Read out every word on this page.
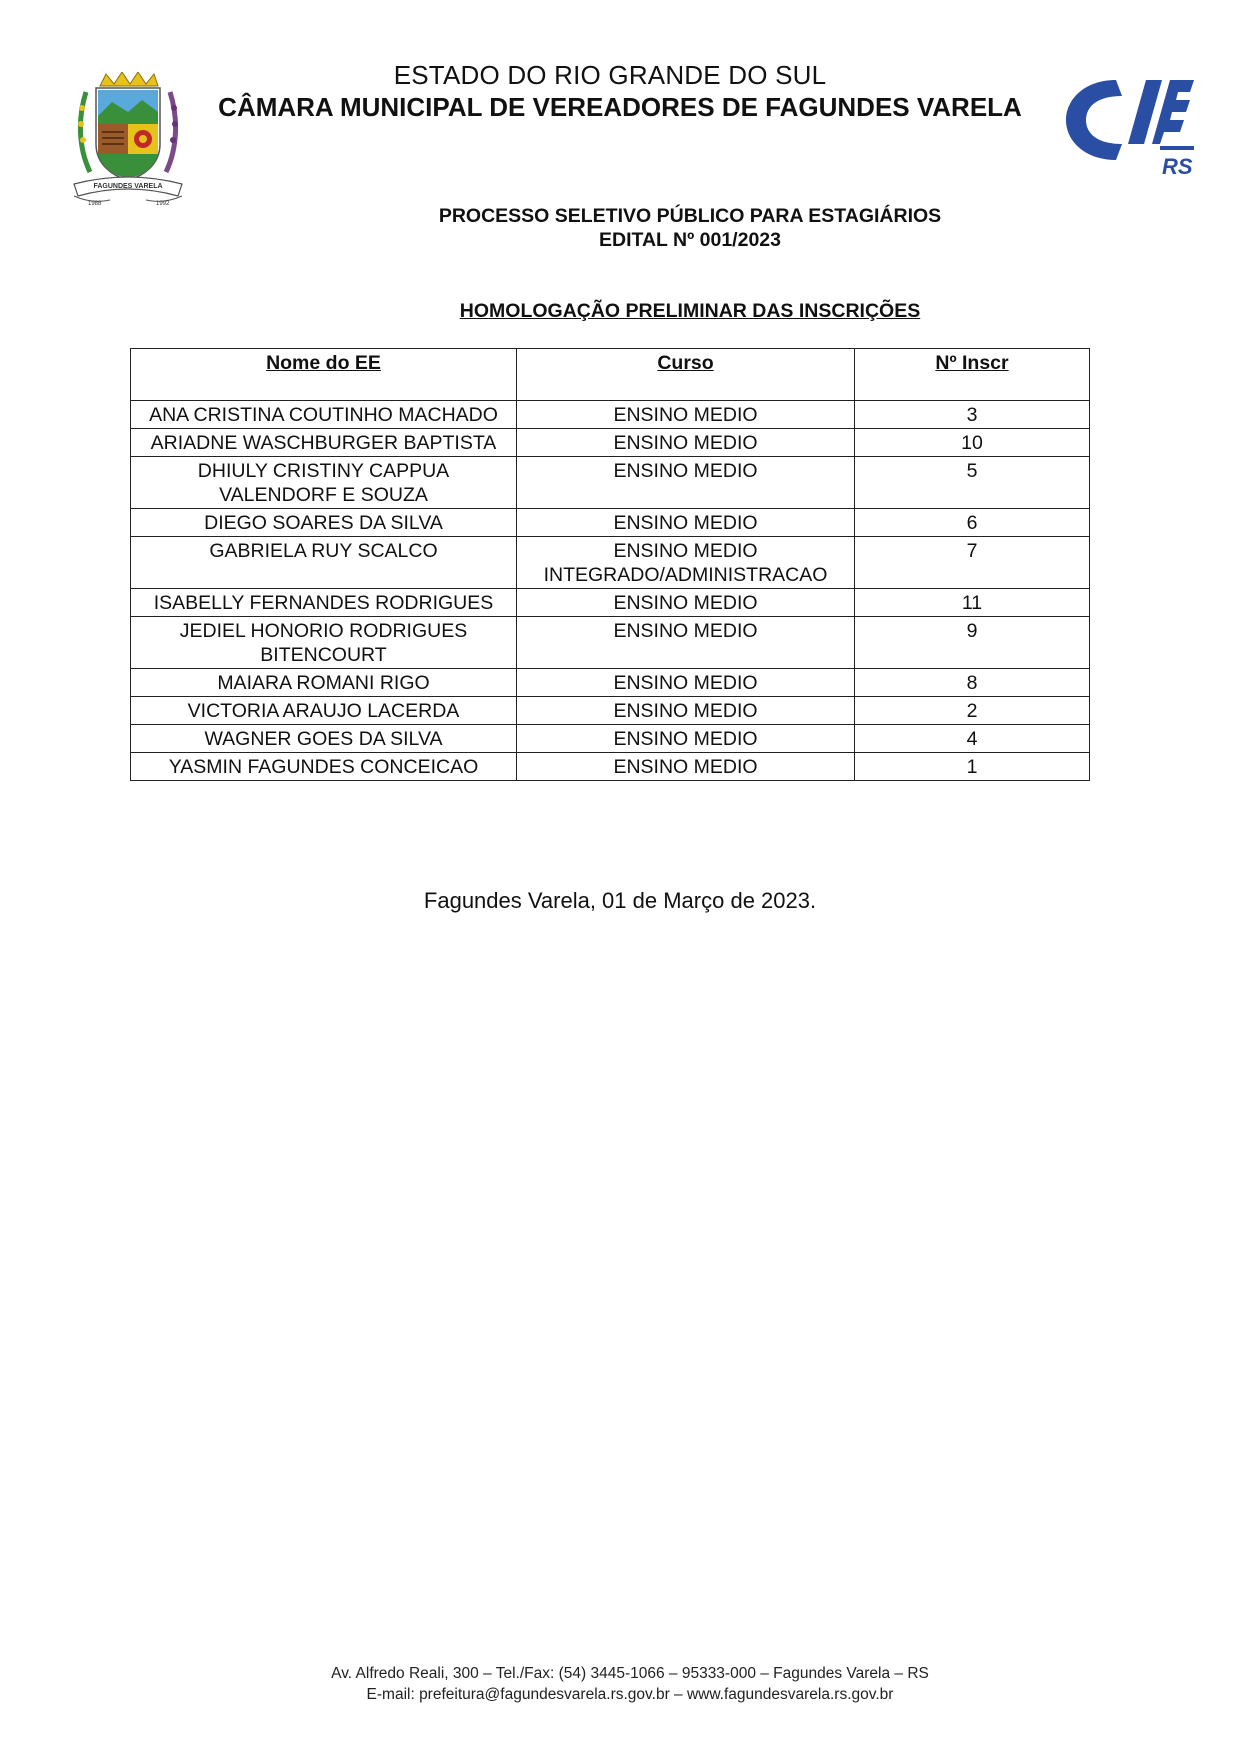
FAGUNDES VARELA
1988	1992
RS
ESTADO DO RIO GRANDE DO SUL
CÂMARA MUNICIPAL DE VEREADORES DE FAGUNDES VARELA
PROCESSO SELETIVO PÚBLICO PARA ESTAGIÁRIOS
EDITAL Nº 001/2023
HOMOLOGAÇÃO PRELIMINAR DAS INSCRIÇÕES
Nome do EE	Curso	Nº Inscr
ANA CRISTINA COUTINHO MACHADO	ENSINO MEDIO	3
ARIADNE WASCHBURGER BAPTISTA	ENSINO MEDIO	10
DHIULY CRISTINY CAPPUA VALENDORF E SOUZA	ENSINO MEDIO	5
DIEGO SOARES DA SILVA	ENSINO MEDIO	6
GABRIELA RUY SCALCO	ENSINO MEDIO INTEGRADO/ADMINISTRACAO	7
ISABELLY FERNANDES RODRIGUES	ENSINO MEDIO	11
JEDIEL HONORIO RODRIGUES BITENCOURT	ENSINO MEDIO	9
MAIARA ROMANI RIGO	ENSINO MEDIO	8
VICTORIA ARAUJO LACERDA	ENSINO MEDIO	2
WAGNER GOES DA SILVA	ENSINO MEDIO	4
YASMIN FAGUNDES CONCEICAO	ENSINO MEDIO	1
Fagundes Varela, 01 de Março de 2023.
Av. Alfredo Reali, 300 – Tel./Fax: (54) 3445-1066 – 95333-000 – Fagundes Varela – RS
E-mail: prefeitura@fagundesvarela.rs.gov.br – www.fagundesvarela.rs.gov.br
